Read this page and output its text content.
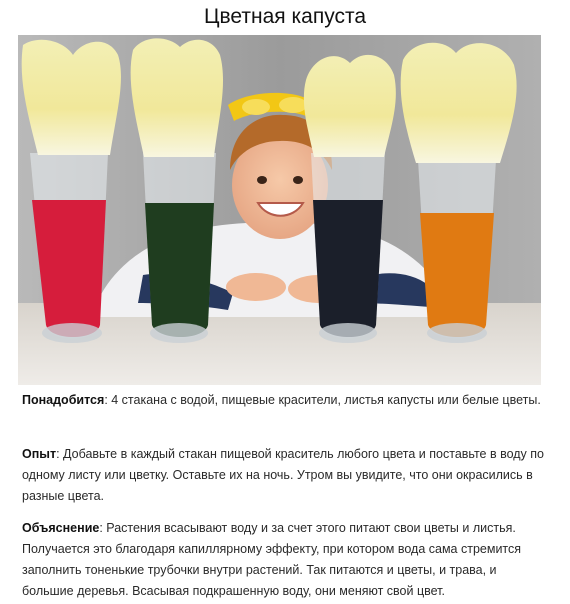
Цветная капуста
Понадобится: 4 стакана с водой, пищевые красители, листья капусты или белые цветы.
Опыт: Добавьте в каждый стакан пищевой краситель любого цвета и поставьте в воду по одному листу или цветку. Оставьте их на ночь. Утром вы увидите, что они окрасились в разные цвета.
Объяснение: Растения всасывают воду и за счет этого питают свои цветы и листья. Получается это благодаря капиллярному эффекту, при котором вода сама стремится заполнить тоненькие трубочки внутри растений. Так питаются и цветы, и трава, и большие деревья. Всасывая подкрашенную воду, они меняют свой цвет.
